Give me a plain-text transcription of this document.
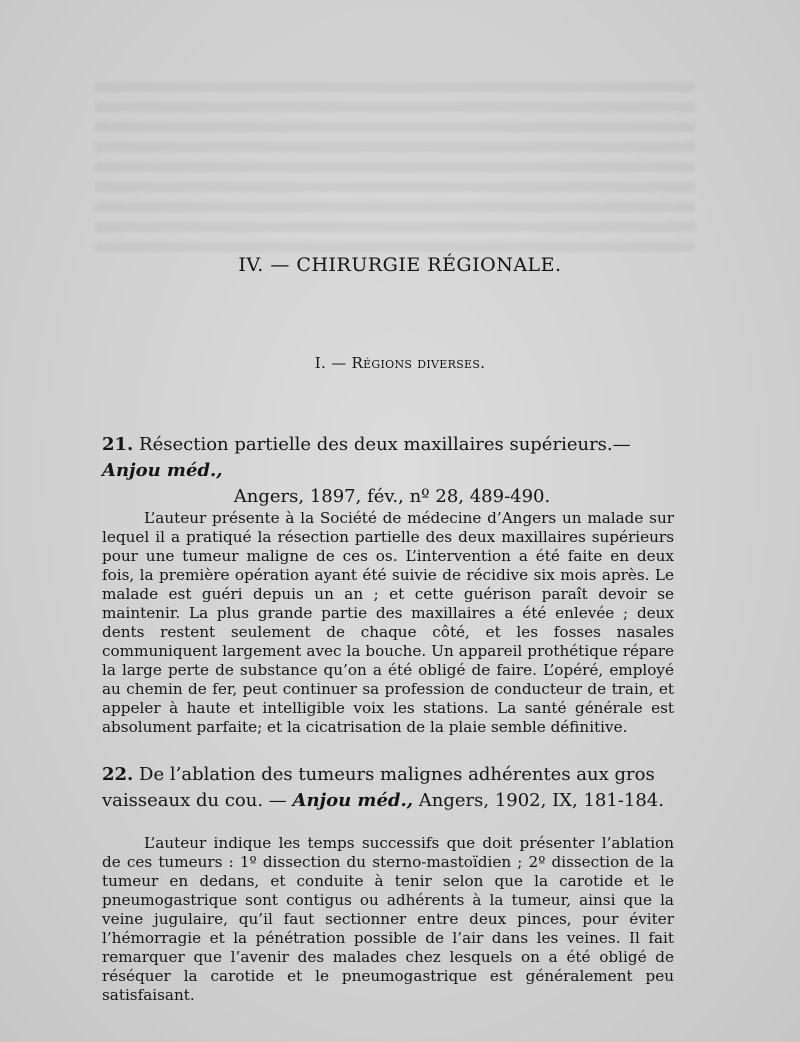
IV. — CHIRURGIE RÉGIONALE.
I. — Régions diverses.
21. Résection partielle des deux maxillaires supérieurs.— Anjou méd.,
Angers, 1897, fév., nº 28, 489-490.

L’auteur présente à la Société de médecine d’Angers un malade sur lequel il a pratiqué la résection partielle des deux maxillaires supérieurs pour une tumeur maligne de ces os. L’intervention a été faite en deux fois, la première opération ayant été suivie de récidive six mois après. Le malade est guéri depuis un an ; et cette guérison paraît devoir se maintenir. La plus grande partie des maxillaires a été enlevée ; deux dents restent seulement de chaque côté, et les fosses nasales communiquent largement avec la bouche. Un appareil prothétique répare la large perte de substance qu’on a été obligé de faire. L’opéré, employé au chemin de fer, peut continuer sa profession de conducteur de train, et appeler à haute et intelligible voix les stations. La santé générale est absolument parfaite; et la cicatrisation de la plaie semble définitive.

22. De l’ablation des tumeurs malignes adhérentes aux gros vaisseaux du cou. — Anjou méd., Angers, 1902, IX, 181-184.

L’auteur indique les temps successifs que doit présenter l’ablation de ces tumeurs : 1º dissection du sterno-mastoïdien ; 2º dissection de la tumeur en dedans, et conduite à tenir selon que la carotide et le pneumogastrique sont contigus ou adhérents à la tumeur, ainsi que la veine jugulaire, qu’il faut sectionner entre deux pinces, pour éviter l’hémorragie et la pénétration possible de l’air dans les veines. Il fait remarquer que l’avenir des malades chez lesquels on a été obligé de réséquer la carotide et le pneumogastrique est généralement peu satisfaisant.
